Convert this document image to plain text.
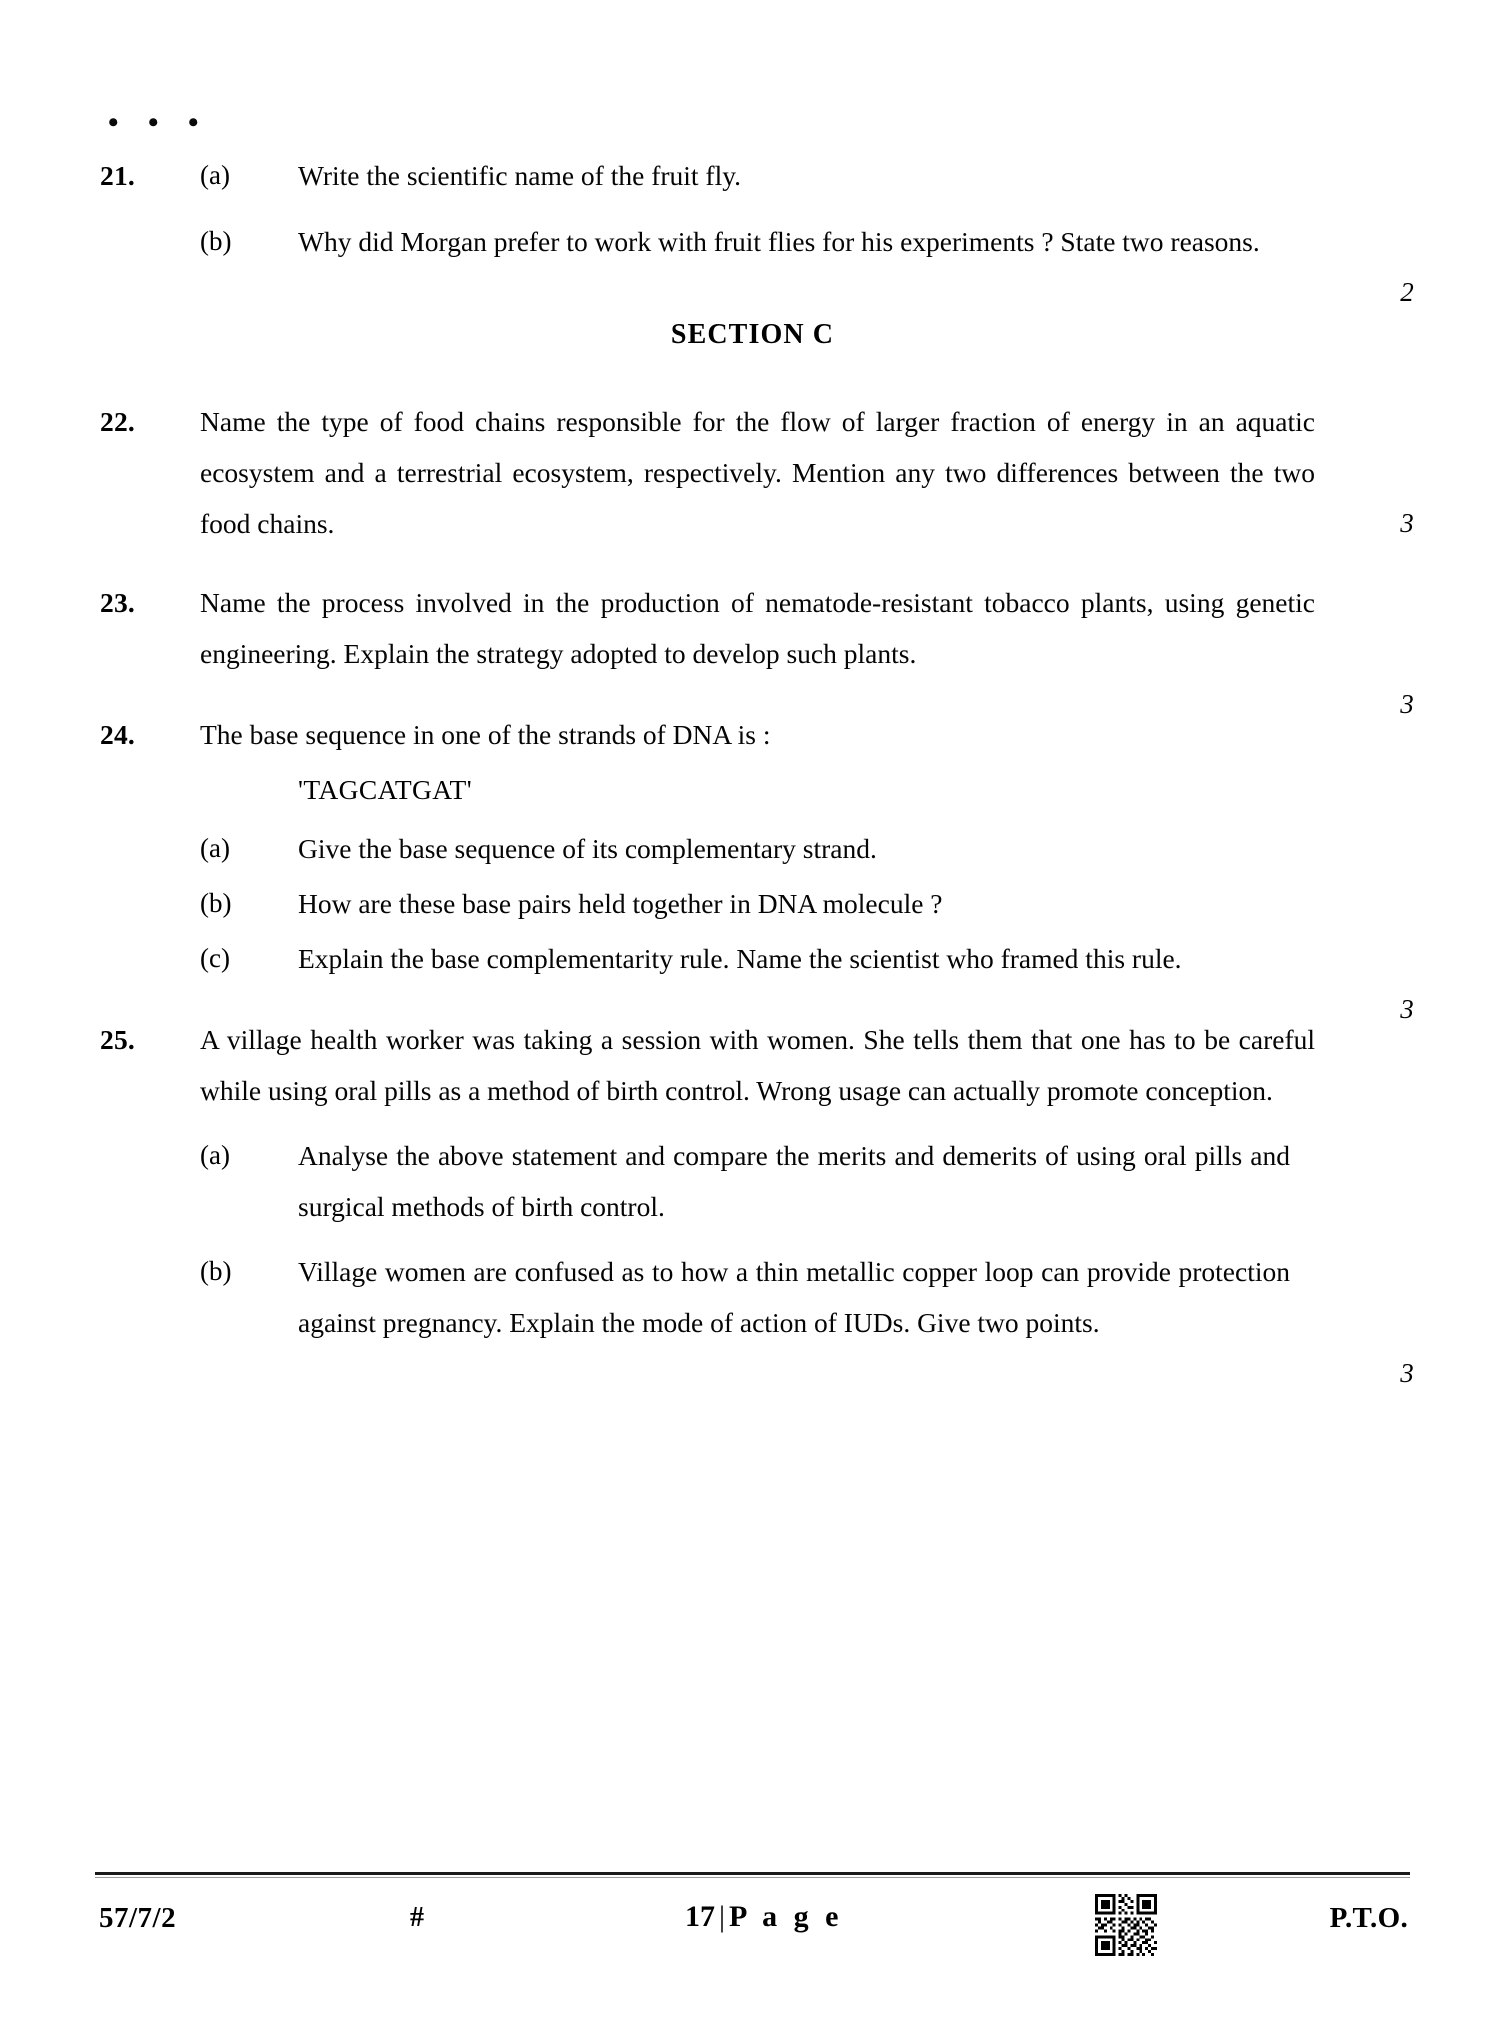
• • •
21.	(a)	Write the scientific name of the fruit fly.

(b)	Why did Morgan prefer to work with fruit flies for his experiments ? State two reasons.

2
SECTION C
22.	Name the type of food chains responsible for the flow of larger fraction of energy in an aquatic ecosystem and a terrestrial ecosystem, respectively. Mention any two differences between the two food chains.	3
23.	Name the process involved in the production of nematode-resistant tobacco plants, using genetic engineering. Explain the strategy adopted to develop such plants.

3
24.	The base sequence in one of the strands of DNA is :

'TAGCATGAT'
(a)	Give the base sequence of its complementary strand.

(b)	How are these base pairs held together in DNA molecule ?

(c)	Explain the base complementarity rule. Name the scientist who framed this rule.

3
25.	A village health worker was taking a session with women. She tells them that one has to be careful while using oral pills as a method of birth control. Wrong usage can actually promote conception.

(a)	Analyse the above statement and compare the merits and demerits of using oral pills and surgical methods of birth control.

(b)	Village women are confused as to how a thin metallic copper loop can provide protection against pregnancy. Explain the mode of action of IUDs. Give two points.

3
57/7/2	#	17 | P a g e	P.T.O.
